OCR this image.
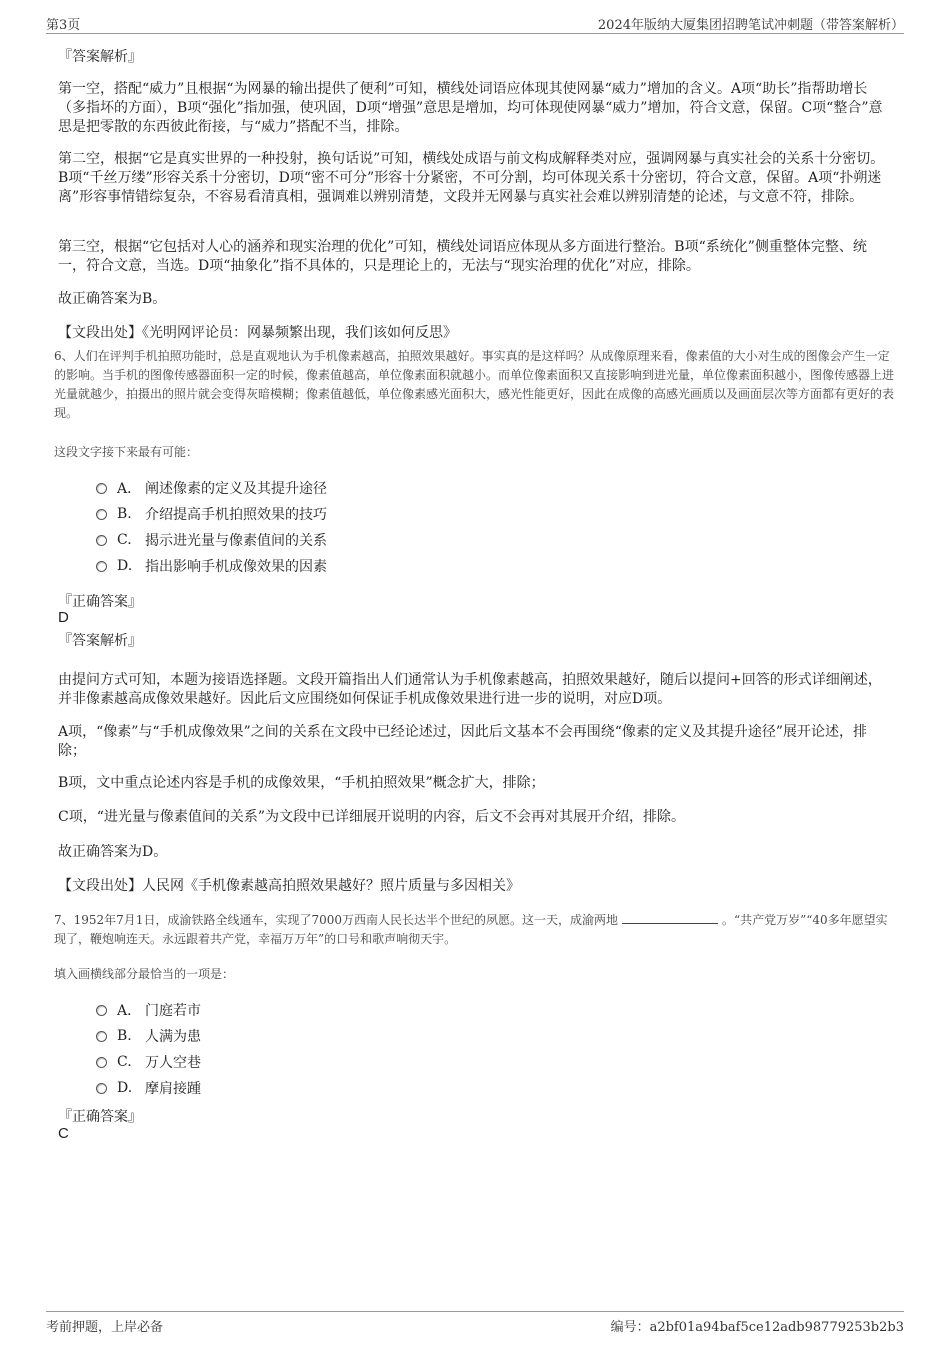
第3页	2024年版纳大厦集团招聘笔试冲刺题（带答案解析）
『答案解析』
第一空，搭配“威力”且根据“为网暴的输出提供了便利”可知，横线处词语应体现其使网暴“威力”增加的含义。A项“助长”指帮助增长（多指坏的方面），B项“强化”指加强，使巩固，D项“增强”意思是增加，均可体现使网暴“威力”增加，符合文意，保留。C项“整合”意思是把零散的东西彼此衔接，与“威力”搭配不当，排除。
第二空，根据“它是真实世界的一种投射，换句话说”可知，横线处成语与前文构成解释类对应，强调网暴与真实社会的关系十分密切。B项“千丝万缕”形容关系十分密切，D项“密不可分”形容十分紧密，不可分割，均可体现关系十分密切，符合文意，保留。A项“扑朔迷离”形容事情错综复杂，不容易看清真相，强调难以辨别清楚，文段并无网暴与真实社会难以辨别清楚的论述，与文意不符，排除。
第三空，根据“它包括对人心的涵养和现实治理的优化”可知，横线处词语应体现从多方面进行整治。B项“系统化”侧重整体完整、统一，符合文意，当选。D项“抽象化”指不具体的，只是理论上的，无法与“现实治理的优化”对应，排除。
故正确答案为B。
【文段出处】《光明网评论员：网暴频繁出现，我们该如何反思》
6、人们在评判手机拍照功能时，总是直观地认为手机像素越高，拍照效果越好。事实真的是这样吗？从成像原理来看，像素值的大小对生成的图像会产生一定的影响。当手机的图像传感器面积一定的时候，像素值越高，单位像素面积就越小。而单位像素面积又直接影响到进光量，单位像素面积越小，图像传感器上进光量就越少，拍摄出的照片就会变得灰暗模糊；像素值越低，单位像素感光面积大，感光性能更好，因此在成像的高感光画质以及画面层次等方面都有更好的表现。
这段文字接下来最有可能：
A． 阐述像素的定义及其提升途径
B. 介绍提高手机拍照效果的技巧
C. 揭示进光量与像素值间的关系
D. 指出影响手机成像效果的因素
『正确答案』
D
『答案解析』
由提问方式可知，本题为接语选择题。文段开篇指出人们通常认为手机像素越高，拍照效果越好，随后以提问+回答的形式详细阐述，并非像素越高成像效果越好。因此后文应围绕如何保证手机成像效果进行进一步的说明，对应D项。
A项，“像素”与“手机成像效果”之间的关系在文段中已经论述过，因此后文基本不会再围绕“像素的定义及其提升途径”展开论述，排除；
B项，文中重点论述内容是手机的成像效果，“手机拍照效果”概念扩大，排除；
C项，“进光量与像素值间的关系”为文段中已详细展开说明的内容，后文不会再对其展开介绍，排除。
故正确答案为D。
【文段出处】人民网《手机像素越高拍照效果越好？照片质量与多因相关》
7、1952年7月1日，成渝铁路全线通车，实现了7000万西南人民长达半个世纪的夙愿。这一天，成渝两地	。“共产党万岁”“40多年愿望实现了，鞭炮响连天。永远跟着共产党，幸福万万年”的口号和歌声响彻天宇。
填入画横线部分最恰当的一项是：
A． 门庭若市
B. 人满为患
C. 万人空巷
D. 摩肩接踵
『正确答案』
C
考前押题，上岸必备	编号：a2bf01a94baf5ce12adb98779253b2b3
